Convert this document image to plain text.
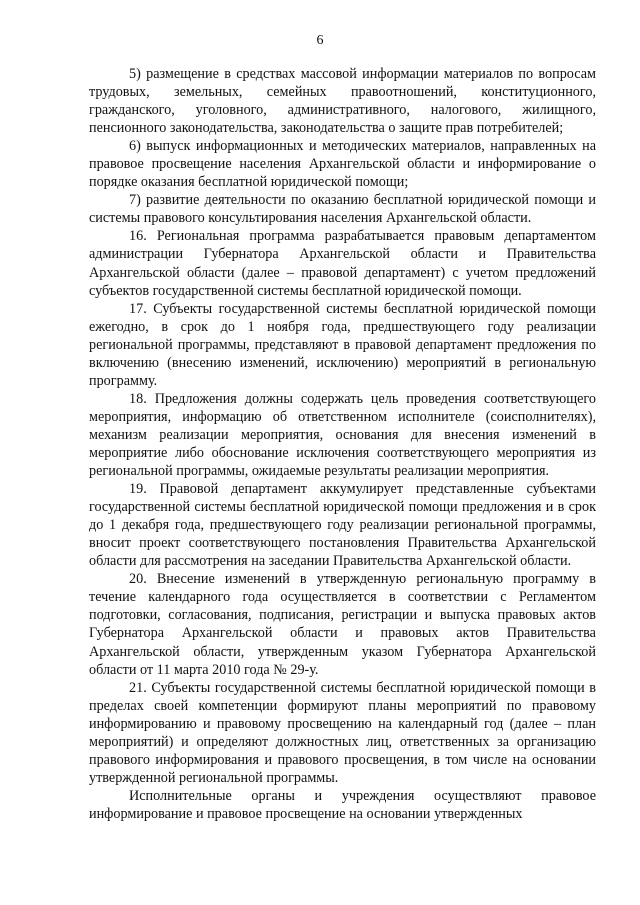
6

5) размещение в средствах массовой информации материалов по вопросам трудовых, земельных, семейных правоотношений, конституционного, гражданского, уголовного, административного, налогового, жилищного, пенсионного законодательства, законодательства о защите прав потребителей;

6) выпуск информационных и методических материалов, направленных на правовое просвещение населения Архангельской области и информирование о порядке оказания бесплатной юридической помощи;

7) развитие деятельности по оказанию бесплатной юридической помощи и системы правового консультирования населения Архангельской области.

16. Региональная программа разрабатывается правовым департаментом администрации Губернатора Архангельской области и Правительства Архангельской области (далее – правовой департамент) с учетом предложений субъектов государственной системы бесплатной юридической помощи.

17. Субъекты государственной системы бесплатной юридической помощи ежегодно, в срок до 1 ноября года, предшествующего году реализации региональной программы, представляют в правовой департамент предложения по включению (внесению изменений, исключению) мероприятий в региональную программу.

18. Предложения должны содержать цель проведения соответствующего мероприятия, информацию об ответственном исполнителе (соисполнителях), механизм реализации мероприятия, основания для внесения изменений в мероприятие либо обоснование исключения соответствующего мероприятия из региональной программы, ожидаемые результаты реализации мероприятия.

19. Правовой департамент аккумулирует представленные субъектами государственной системы бесплатной юридической помощи предложения и в срок до 1 декабря года, предшествующего году реализации региональной программы, вносит проект соответствующего постановления Правительства Архангельской области для рассмотрения на заседании Правительства Архангельской области.

20. Внесение изменений в утвержденную региональную программу в течение календарного года осуществляется в соответствии с Регламентом подготовки, согласования, подписания, регистрации и выпуска правовых актов Губернатора Архангельской области и правовых актов Правительства Архангельской области, утвержденным указом Губернатора Архангельской области от 11 марта 2010 года № 29-у.

21. Субъекты государственной системы бесплатной юридической помощи в пределах своей компетенции формируют планы мероприятий по правовому информированию и правовому просвещению на календарный год (далее – план мероприятий) и определяют должностных лиц, ответственных за организацию правового информирования и правового просвещения, в том числе на основании утвержденной региональной программы.

Исполнительные органы и учреждения осуществляют правовое информирование и правовое просвещение на основании утвержденных
